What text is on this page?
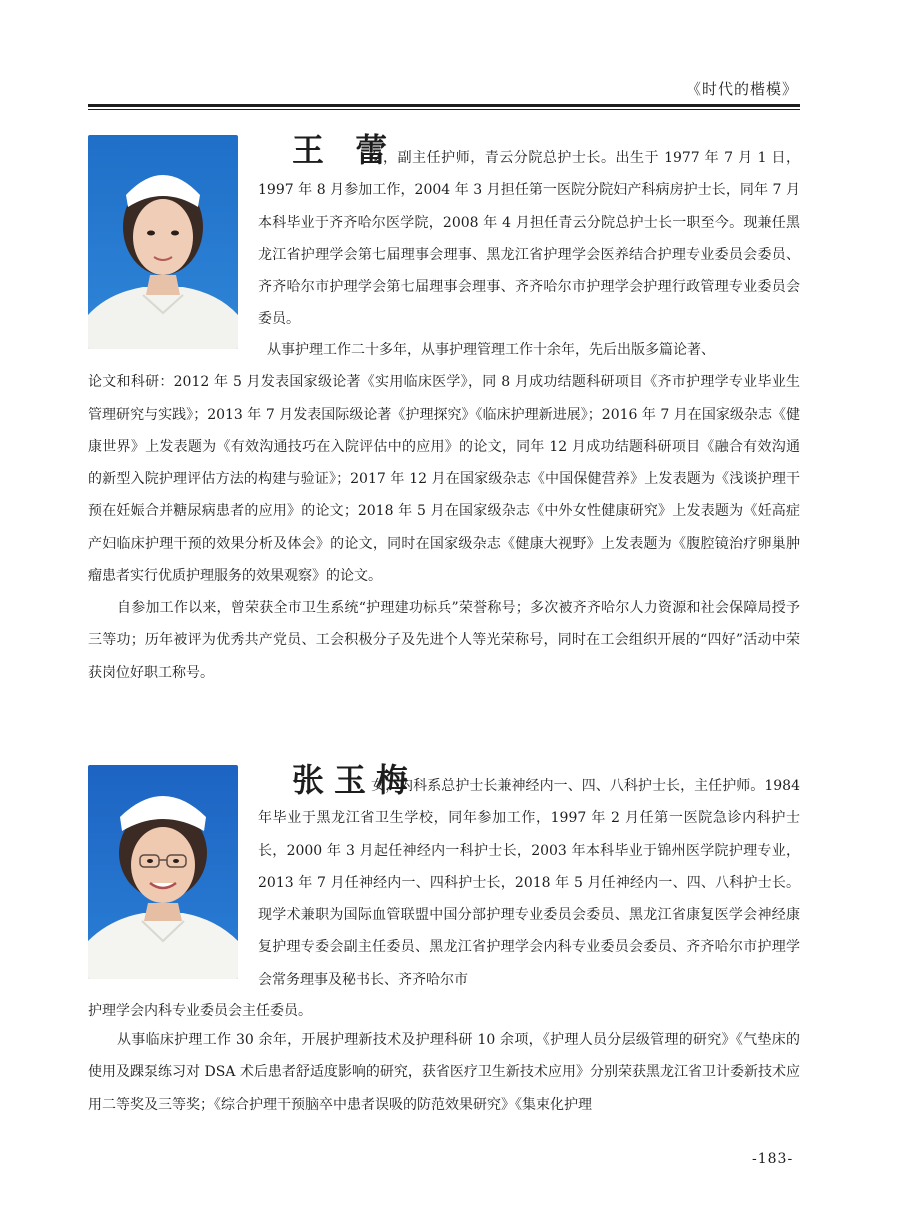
《时代的楷模》
王 蕾
女，副主任护师，青云分院总护士长。出生于 1977 年 7 月 1 日，1997 年 8 月参加工作，2004 年 3 月担任第一医院分院妇产科病房护士长，同年 7 月本科毕业于齐齐哈尔医学院，2008 年 4 月担任青云分院总护士长一职至今。现兼任黑龙江省护理学会第七届理事会理事、黑龙江省护理学会医养结合护理专业委员会委员、齐齐哈尔市护理学会第七届理事会理事、齐齐哈尔市护理学会护理行政管理专业委员会委员。
从事护理工作二十多年，从事护理管理工作十余年，先后出版多篇论著、
论文和科研：2012 年 5 月发表国家级论著《实用临床医学》，同 8 月成功结题科研项目《齐市护理学专业毕业生管理研究与实践》；2013 年 7 月发表国际级论著《护理探究》《临床护理新进展》；2016 年 7 月在国家级杂志《健康世界》上发表题为《有效沟通技巧在入院评估中的应用》的论文，同年 12 月成功结题科研项目《融合有效沟通的新型入院护理评估方法的构建与验证》；2017 年 12 月在国家级杂志《中国保健营养》上发表题为《浅谈护理干预在妊娠合并糖尿病患者的应用》的论文；2018 年 5 月在国家级杂志《中外女性健康研究》上发表题为《妊高症产妇临床护理干预的效果分析及体会》的论文，同时在国家级杂志《健康大视野》上发表题为《腹腔镜治疗卵巢肿瘤患者实行优质护理服务的效果观察》的论文。
自参加工作以来，曾荣获全市卫生系统“护理建功标兵”荣誉称号；多次被齐齐哈尔人力资源和社会保障局授予三等功；历年被评为优秀共产党员、工会积极分子及先进个人等光荣称号，同时在工会组织开展的“四好”活动中荣获岗位好职工称号。
张玉梅
女，内科系总护士长兼神经内一、四、八科护士长，主任护师。1984 年毕业于黑龙江省卫生学校，同年参加工作，1997 年 2 月任第一医院急诊内科护士长，2000 年 3 月起任神经内一科护士长，2003 年本科毕业于锦州医学院护理专业，2013 年 7 月任神经内一、四科护士长，2018 年 5 月任神经内一、四、八科护士长。现学术兼职为国际血管联盟中国分部护理专业委员会委员、黑龙江省康复医学会神经康复护理专委会副主任委员、黑龙江省护理学会内科专业委员会委员、齐齐哈尔市护理学会常务理事及秘书长、齐齐哈尔市
护理学会内科专业委员会主任委员。
从事临床护理工作 30 余年，开展护理新技术及护理科研 10 余项，《护理人员分层级管理的研究》《气垫床的使用及踝泵练习对 DSA 术后患者舒适度影响的研究，获省医疗卫生新技术应用》分别荣获黑龙江省卫计委新技术应用二等奖及三等奖；《综合护理干预脑卒中患者误吸的防范效果研究》《集束化护理
-183-
